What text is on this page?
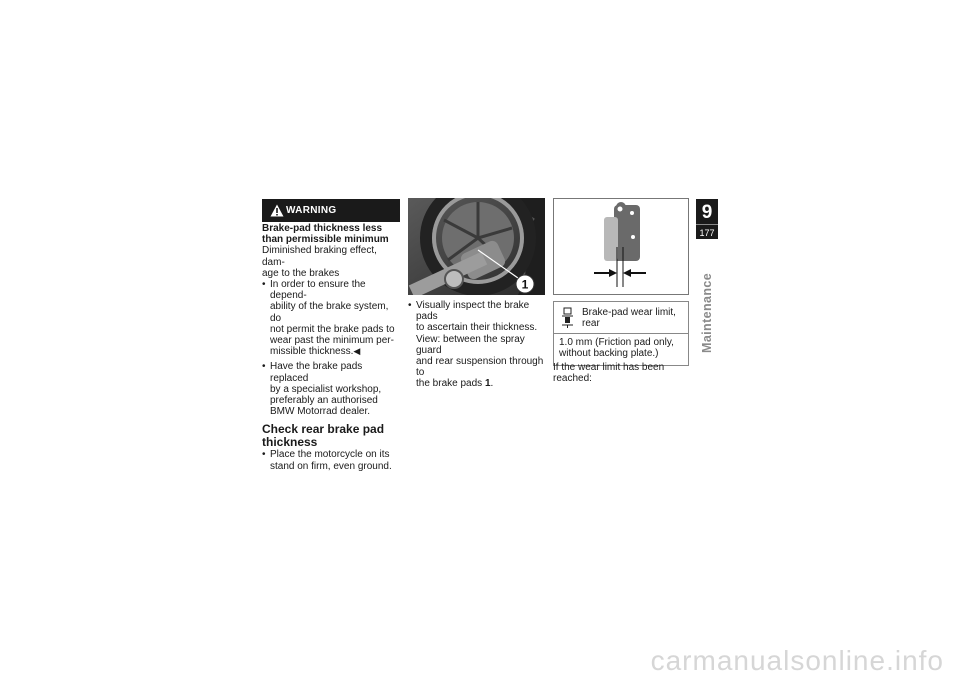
WARNING

Brake-pad thickness less
than permissible minimum

Diminished braking effect, dam-
age to the brakes

• In order to ensure the depend-
ability of the brake system, do
not permit the brake pads to
wear past the minimum per-
missible thickness.◀
• Have the brake pads replaced
by a specialist workshop,
preferably an authorised
BMW Motorrad dealer.
Check rear brake pad
thickness
• Place the motorcycle on its
stand on firm, even ground.
1
• Visually inspect the brake pads
to ascertain their thickness.
View: between the spray guard
and rear suspension through to
the brake pads 1.
Brake-pad wear limit,
rear
1.0 mm (Friction pad only,
without backing plate.)
If the wear limit has been
reached:
9
177
Maintenance
carmanualsonline.info
